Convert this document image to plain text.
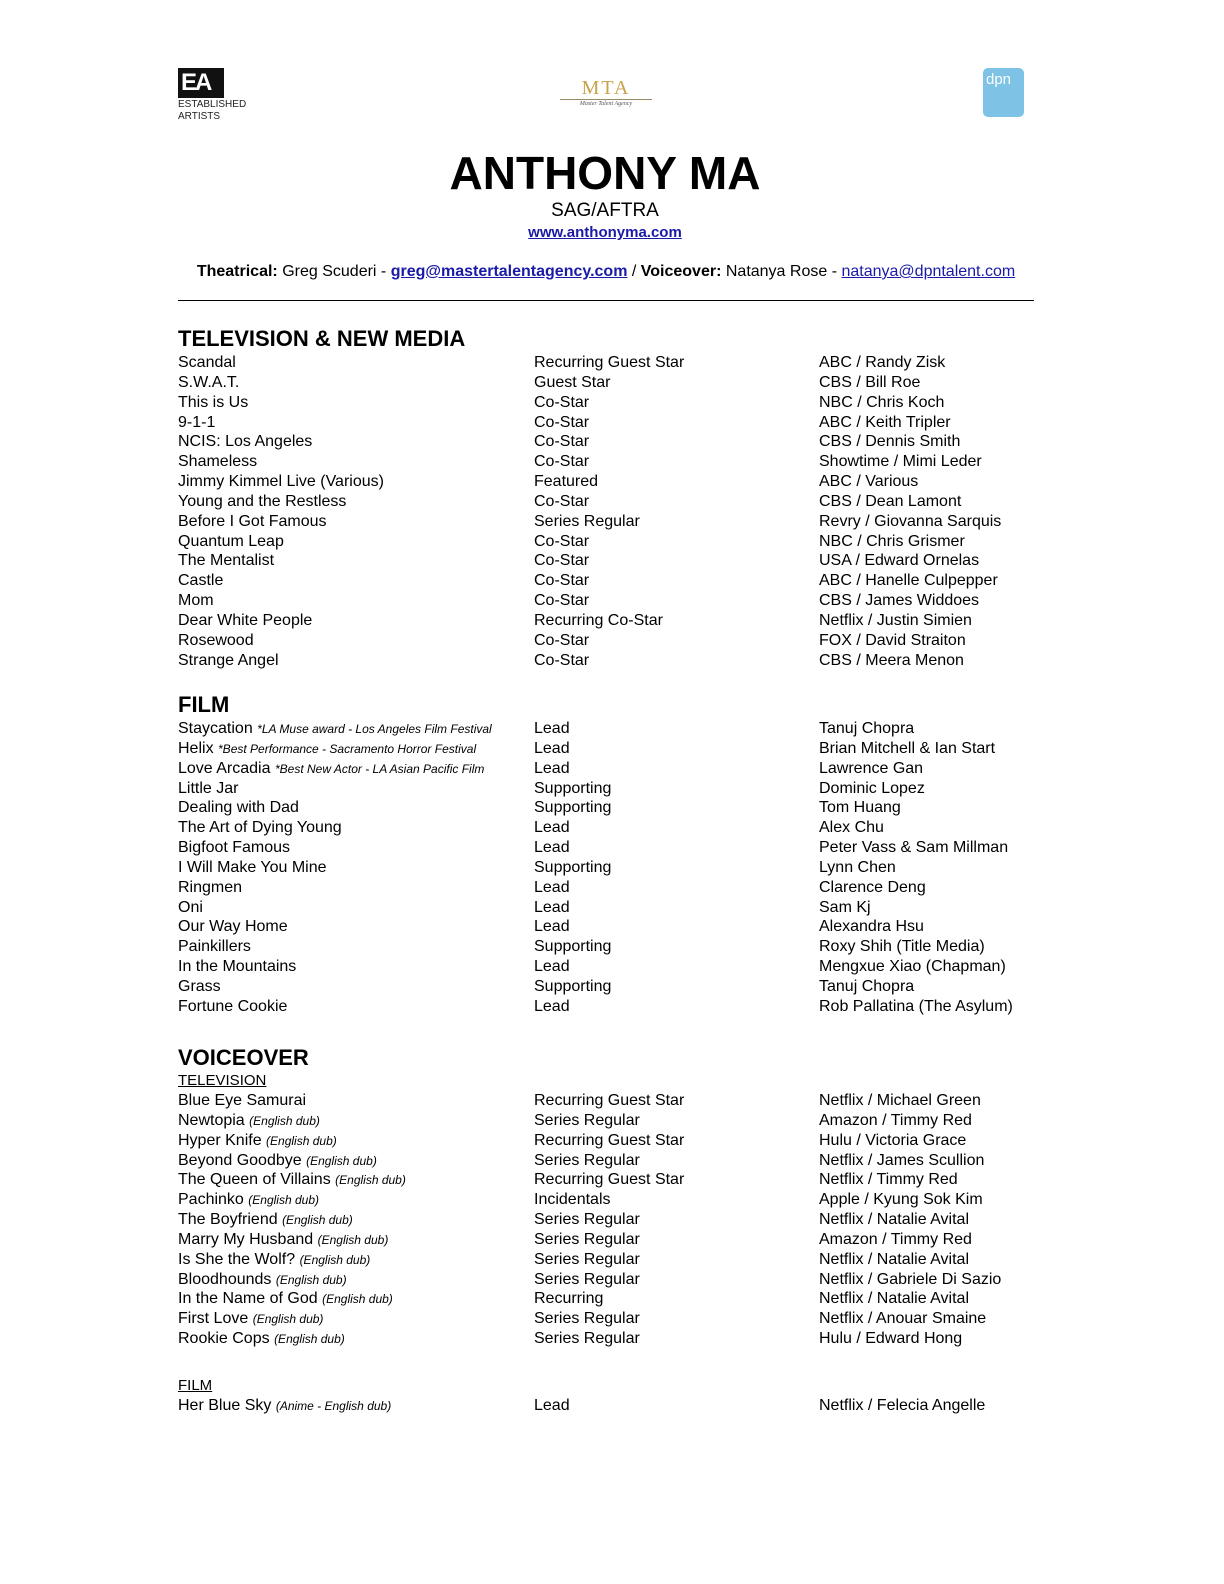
EA
ESTABLISHED
ARTISTS
MTA
Master Talent Agency
dpn
ANTHONY MA
SAG/AFTRA
www.anthonyma.com
Theatrical: Greg Scuderi - greg@mastertalentagency.com / Voiceover: Natanya Rose - natanya@dpntalent.com
TELEVISION & NEW MEDIA
Scandal	Recurring Guest Star	ABC / Randy Zisk
S.W.A.T.	Guest Star	CBS / Bill Roe
This is Us	Co-Star	NBC / Chris Koch
9-1-1	Co-Star	ABC / Keith Tripler
NCIS: Los Angeles	Co-Star	CBS / Dennis Smith
Shameless	Co-Star	Showtime / Mimi Leder
Jimmy Kimmel Live (Various)	Featured	ABC / Various
Young and the Restless	Co-Star	CBS / Dean Lamont
Before I Got Famous	Series Regular	Revry / Giovanna Sarquis
Quantum Leap	Co-Star	NBC / Chris Grismer
The Mentalist	Co-Star	USA / Edward Ornelas
Castle	Co-Star	ABC / Hanelle Culpepper
Mom	Co-Star	CBS / James Widdoes
Dear White People	Recurring Co-Star	Netflix / Justin Simien
Rosewood	Co-Star	FOX / David Straiton
Strange Angel	Co-Star	CBS / Meera Menon
FILM
Staycation *LA Muse award - Los Angeles Film Festival	Lead	Tanuj Chopra
Helix *Best Performance - Sacramento Horror Festival	Lead	Brian Mitchell & Ian Start
Love Arcadia *Best New Actor - LA Asian Pacific Film	Lead	Lawrence Gan
Little Jar	Supporting	Dominic Lopez
Dealing with Dad	Supporting	Tom Huang
The Art of Dying Young	Lead	Alex Chu
Bigfoot Famous	Lead	Peter Vass & Sam Millman
I Will Make You Mine	Supporting	Lynn Chen
Ringmen	Lead	Clarence Deng
Oni	Lead	Sam Kj
Our Way Home	Lead	Alexandra Hsu
Painkillers	Supporting	Roxy Shih (Title Media)
In the Mountains	Lead	Mengxue Xiao (Chapman)
Grass	Supporting	Tanuj Chopra
Fortune Cookie	Lead	Rob Pallatina (The Asylum)
VOICEOVER
TELEVISION
Blue Eye Samurai	Recurring Guest Star	Netflix / Michael Green
Newtopia (English dub)	Series Regular	Amazon / Timmy Red
Hyper Knife (English dub)	Recurring Guest Star	Hulu / Victoria Grace
Beyond Goodbye (English dub)	Series Regular	Netflix / James Scullion
The Queen of Villains (English dub)	Recurring Guest Star	Netflix / Timmy Red
Pachinko (English dub)	Incidentals	Apple / Kyung Sok Kim
The Boyfriend (English dub)	Series Regular	Netflix / Natalie Avital
Marry My Husband (English dub)	Series Regular	Amazon / Timmy Red
Is She the Wolf? (English dub)	Series Regular	Netflix / Natalie Avital
Bloodhounds (English dub)	Series Regular	Netflix / Gabriele Di Sazio
In the Name of God (English dub)	Recurring	Netflix / Natalie Avital
First Love (English dub)	Series Regular	Netflix / Anouar Smaine
Rookie Cops (English dub)	Series Regular	Hulu / Edward Hong
FILM
Her Blue Sky (Anime - English dub)	Lead	Netflix / Felecia Angelle
